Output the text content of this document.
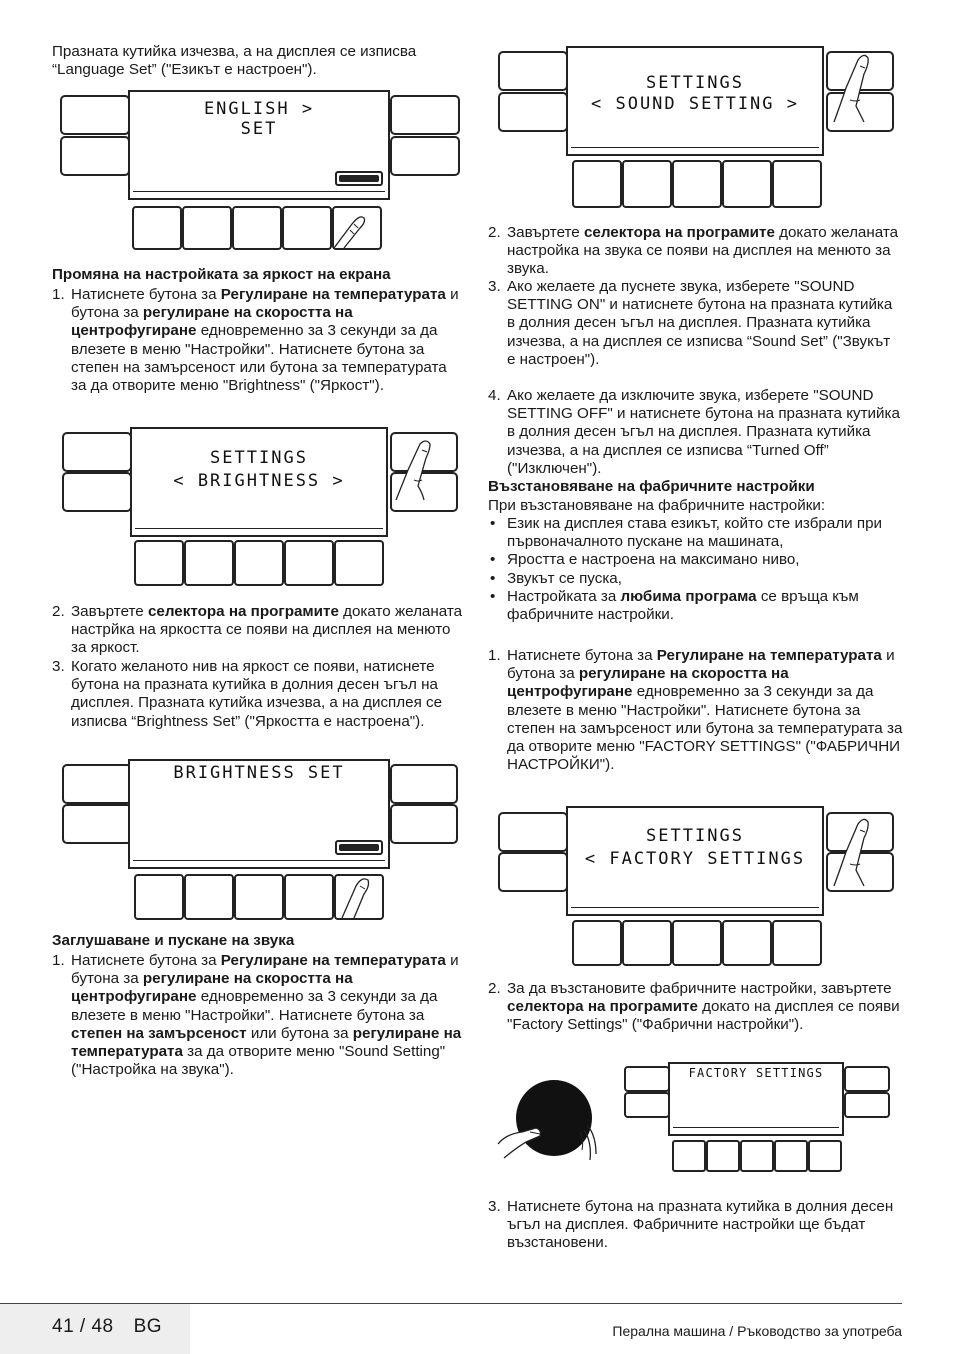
Празната кутийка изчезва, а на дисплея се изписва “Language Set” ("Езикът е настроен").

ENGLISH >
SET

Промяна на настройката за яркост на екрана

1. Натиснете бутона за Регулиране на температурата и бутона за регулиране на скоростта на центрофугиране едновременно за 3 секунди за да влезете в меню "Настройки". Натиснете бутона за степен на замърсеност или бутона за температурата за да отворите меню "Brightness" ("Яркост").

SETTINGS
< BRIGHTNESS >
2. Завъртете селектора на програмите докато желаната настрйка на яркостта се появи на дисплея на менюто за яркост.

3. Когато желаното нив на яркост се появи, натиснете бутона на празната кутийка в долния десен ъгъл на дисплея. Празната кутийка изчезва, а на дисплея се изписва “Brightness Set” ("Яркостта е настроена").

BRIGHTNESS SET

Заглушаване и пускане на звука

1. Натиснете бутона за Регулиране на температурата и бутона за регулиране на скоростта на центрофугиране едновременно за 3 секунди за да влезете в меню "Настройки". Натиснете бутона за степен на замърсеност или бутона за регулиране на температурата за да отворите меню "Sound Setting" ("Настройка на звука").

SETTINGS
< SOUND SETTING >
2. Завъртете селектора на програмите докато желаната настройка на звука се появи на дисплея на менюто за звука.

3. Ако желаете да пуснете звука, изберете "SOUND SETTING ON" и натиснете бутона на празната кутийка в долния десен ъгъл на дисплея. Празната кутийка изчезва, а на дисплея се изписва “Sound Set” ("Звукът е настроен").

4. Ако желаете да изключите звука, изберете "SOUND SETTING OFF" и натиснете бутона на празната кутийка в долния десен ъгъл на дисплея. Празната кутийка изчезва, а на дисплея се изписва “Turned Off” ("Изключен").

Възстановяване на фабричните настройки

При възстановяване на фабричните настройки:

• Език на дисплея става езикът, който сте избрали при първоначалното пускане на машината,
• Яростта е настроена на максимано ниво,
• Звукът се пуска,
• Настройката за любима програма се връща към фабричните настройки.
1. Натиснете бутона за Регулиране на температурата и бутона за регулиране на скоростта на центрофугиране едновременно за 3 секунди за да влезете в меню "Настройки". Натиснете бутона за степен на замърсеност или бутона за температурата за да отворите меню "FACTORY SETTINGS" ("ФАБРИЧНИ НАСТРОЙКИ").

SETTINGS
< FACTORY SETTINGS
2. За да възстановите фабричните настройки, завъртете селектора на програмите докато на дисплея се появи "Factory Settings" ("Фабрични настройки").

FACTORY SETTINGS
3. Натиснете бутона на празната кутийка в долния десен ъгъл на дисплея. Фабричните настройки ще бъдат възстановени.

41 / 48 BG	Перална машина / Ръководство за употреба
